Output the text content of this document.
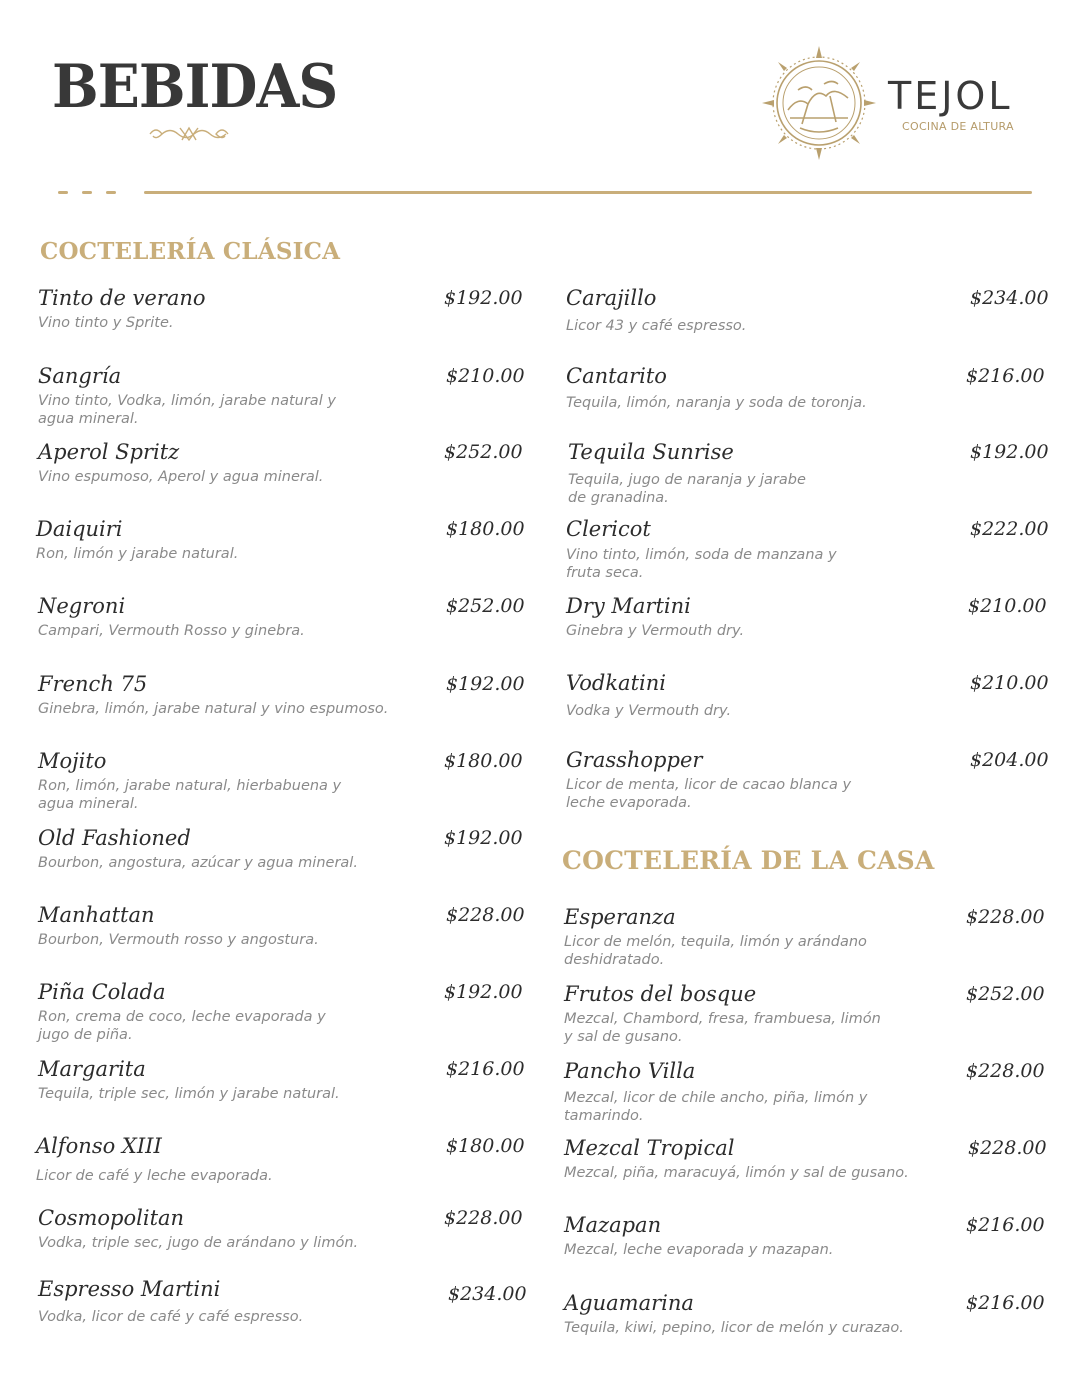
BEBIDAS	TEJOL
COCINA DE ALTURA
COCTELERÍA CLÁSICA
COCTELERÍA DE LA CASA
Tinto de verano	$192.00
Vino tinto y Sprite.
Sangría	$210.00
Vino tinto, Vodka, limón, jarabe natural y
agua mineral.
Aperol Spritz	$252.00
Vino espumoso, Aperol y agua mineral.
Daiquiri	$180.00
Ron, limón y jarabe natural.
Negroni	$252.00
Campari, Vermouth Rosso y ginebra.
French 75	$192.00
Ginebra, limón, jarabe natural y vino espumoso.
Mojito	$180.00
Ron, limón, jarabe natural, hierbabuena y
agua mineral.
Old Fashioned	$192.00
Bourbon, angostura, azúcar y agua mineral.
Manhattan	$228.00
Bourbon, Vermouth rosso y angostura.
Piña Colada	$192.00
Ron, crema de coco, leche evaporada y
jugo de piña.
Margarita	$216.00
Tequila, triple sec, limón y jarabe natural.
Alfonso XIII	$180.00
Licor de café y leche evaporada.
Cosmopolitan	$228.00
Vodka, triple sec, jugo de arándano y limón.
Espresso Martini	$234.00
Vodka, licor de café y café espresso.
Carajillo	$234.00
Licor 43 y café espresso.
Cantarito	$216.00
Tequila, limón, naranja y soda de toronja.
Tequila Sunrise	$192.00
Tequila, jugo de naranja y jarabe
de granadina.
Clericot	$222.00
Vino tinto, limón, soda de manzana y
fruta seca.
Dry Martini	$210.00
Ginebra y Vermouth dry.
Vodkatini	$210.00
Vodka y Vermouth dry.
Grasshopper	$204.00
Licor de menta, licor de cacao blanca y
leche evaporada.
Esperanza	$228.00
Licor de melón, tequila, limón y arándano
deshidratado.
Frutos del bosque	$252.00
Mezcal, Chambord, fresa, frambuesa, limón
y sal de gusano.
Pancho Villa	$228.00
Mezcal, licor de chile ancho, piña, limón y
tamarindo.
Mezcal Tropical	$228.00
Mezcal, piña, maracuyá, limón y sal de gusano.
Mazapan	$216.00
Mezcal, leche evaporada y mazapan.
Aguamarina	$216.00
Tequila, kiwi, pepino, licor de melón y curazao.
